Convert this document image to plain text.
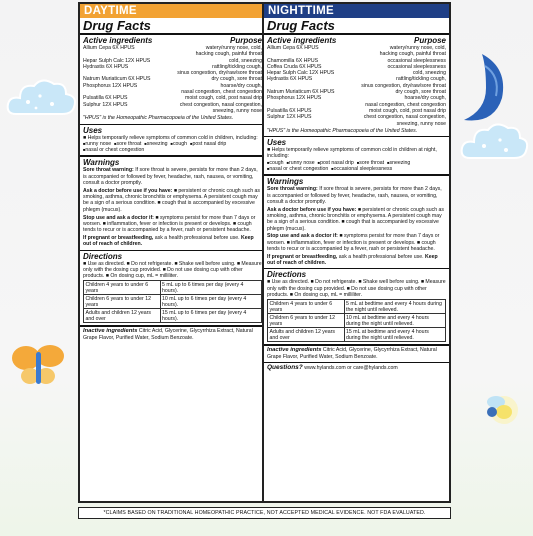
DAYTIME
Drug Facts
Active ingredients	Purpose
Allium Cepa 6X HPUS	watery/runny nose, cold,
hacking cough, painful throat
Hepar Sulph Calc 12X HPUS	cold, sneezing
Hydrastis 6X HPUS	rattling/tickling cough,
sinus congestion, dry/raw/sore throat
Natrum Muriaticum 6X HPUS	dry cough, sore throat
Phosphorus 12X HPUS	hoarse/dry cough,
nasal congestion, chest congestion
Pulsatilla 6X HPUS	moist cough, cold, post nasal drip
Sulphur 12X HPUS	chest congestion, nasal congestion,
sneezing, runny nose
"HPUS" is the Homeopathic Pharmacopoeia of the United States.
Uses
■ Helps temporarily relieve symptoms of common cold in children, including:
■ runny nose	■ sore throat	■ sneezing	■ cough	■ post nasal drip
■ nasal or chest congestion
Warnings
Sore throat warning: If sore throat is severe, persists for more than 2 days, is accompanied or followed by fever, headache, rash, nausea, or vomiting, consult a doctor promptly.
Ask a doctor before use if you have: ■ persistent or chronic cough such as smoking, asthma, chronic bronchitis or emphysema. A persistent cough may be a sign of a serious condition. ■ cough that is accompanied by excessive phlegm (mucus).
Stop use and ask a doctor if: ■ symptoms persist for more than 7 days or worsen. ■ inflammation, fever or infection is present or develops. ■ cough tends to recur or is accompanied by a fever, rash or persistent headache.
If pregnant or breastfeeding, ask a health professional before use. Keep out of reach of children.
Directions
■ Use as directed. ■ Do not refrigerate. ■ Shake well before using. ■ Measure only with the dosing cup provided. ■ Do not use dosing cup with other products. ■ On dosing cup, mL = milliliter.
Children 4 years to under 6 years	5 mL up to 6 times per day (every 4 hours).
Children 6 years to under 12 years	10 mL up to 6 times per day (every 4 hours).
Adults and children 12 years and over	15 mL up to 6 times per day (every 4 hours).
Inactive ingredients Citric Acid, Glycerine, Glycyrrhiza Extract, Natural Grape Flavor, Purified Water, Sodium Benzoate.
NIGHTTIME
Drug Facts
Active ingredients	Purpose
Allium Cepa 6X HPUS	watery/runny nose, cold,
hacking cough, painful throat
Chamomilla 6X HPUS	occasional sleeplessness
Coffea Cruda 6X HPUS	occasional sleeplessness
Hepar Sulph Calc 12X HPUS	cold, sneezing
Hydrastis 6X HPUS	rattling/tickling cough,
sinus congestion, dry/raw/sore throat
Natrum Muriaticum 6X HPUS	dry cough, sore throat
Phosphorus 12X HPUS	hoarse/dry cough,
nasal congestion, chest congestion
Pulsatilla 6X HPUS	moist cough, cold, post nasal drip
Sulphur 12X HPUS	chest congestion, nasal congestion,
sneezing, runny nose
"HPUS" is the Homeopathic Pharmacopoeia of the United States.
Uses
■ Helps temporarily relieve symptoms of common cold in children at night, including:
■ cough	■ runny nose	■ post nasal drip	■ sore throat	■ sneezing
■ nasal or chest congestion	■ occasional sleeplessness
Warnings
Sore throat warning: If sore throat is severe, persists for more than 2 days, is accompanied or followed by fever, headache, rash, nausea, or vomiting, consult a doctor promptly.
Ask a doctor before use if you have: ■ persistent or chronic cough such as smoking, asthma, chronic bronchitis or emphysema. A persistent cough may be a sign of a serious condition. ■ cough that is accompanied by excessive phlegm (mucus).
Stop use and ask a doctor if: ■ symptoms persist for more than 7 days or worsen. ■ inflammation, fever or infection is present or develops. ■ cough tends to recur or is accompanied by a fever, rash or persistent headache.
If pregnant or breastfeeding, ask a health professional before use. Keep out of reach of children.
Directions
■ Use as directed. ■ Do not refrigerate. ■ Shake well before using. ■ Measure only with the dosing cup provided. ■ Do not use dosing cup with other products. ■ On dosing cup, mL = milliliter.
Children 4 years to under 6 years	5 mL at bedtime and every 4 hours during the night until relieved.
Children 6 years to under 12 years	10 mL at bedtime and every 4 hours during the night until relieved.
Adults and children 12 years and over	15 mL at bedtime and every 4 hours during the night until relieved.
Inactive ingredients Citric Acid, Glycerine, Glycyrrhiza Extract, Natural Grape Flavor, Purified Water, Sodium Benzoate.
Questions? www.hylands.com or care@hylands.com
*CLAIMS BASED ON TRADITIONAL HOMEOPATHIC PRACTICE, NOT ACCEPTED MEDICAL EVIDENCE. NOT FDA EVALUATED.
